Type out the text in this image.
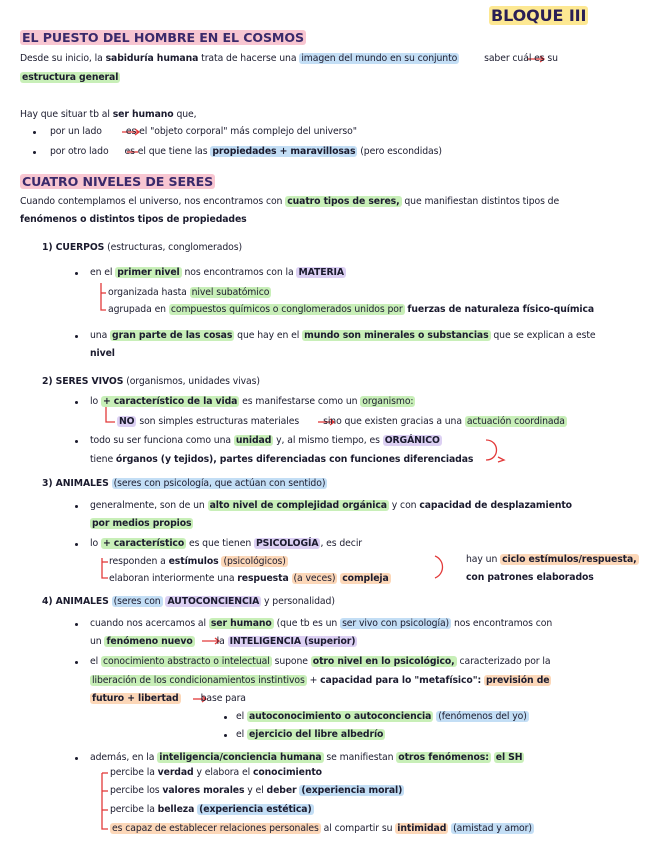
BLOQUE III
EL PUESTO DEL HOMBRE EN EL COSMOS
Desde su inicio, la sabiduría humana trata de hacerse una imagen del mundo en su conjunto	saber cuál es su
estructura general
Hay que situar tb al ser humano que,
por un lado	es el "objeto corporal" más complejo del universo"
por otro lado es el que tiene las propiedades + maravillosas (pero escondidas)
CUATRO NIVELES DE SERES
Cuando contemplamos el universo, nos encontramos con cuatro tipos de seres, que manifiestan distintos tipos de
fenómenos o distintos tipos de propiedades
1) CUERPOS (estructuras, conglomerados)
en el primer nivel nos encontramos con la MATERIA
organizada hasta nivel subatómico
agrupada en compuestos químicos o conglomerados unidos por fuerzas de naturaleza físico-química
una gran parte de las cosas que hay en el mundo son minerales o substancias que se explican a este
nivel
2) SERES VIVOS (organismos, unidades vivas)
lo + característico de la vida es manifestarse como un organismo:
NO son simples estructuras materiales	sino que existen gracias a una actuación coordinada
todo su ser funciona como una unidad y, al mismo tiempo, es ORGÁNICO
tiene órganos (y tejidos), partes diferenciadas con funciones diferenciadas
3) ANIMALES (seres con psicología, que actúan con sentido)
generalmente, son de un alto nivel de complejidad orgánica y con capacidad de desplazamiento
por medios propios
lo + característico es que tienen PSICOLOGÍA , es decir
responden a estímulos (psicológicos)
elaboran interiormente una respuesta (a veces) compleja
hay un ciclo estímulos/respuesta,
con patrones elaborados
4) ANIMALES (seres con AUTOCONCIENCIA y personalidad)
cuando nos acercamos al ser humano (que tb es un ser vivo con psicología) nos encontramos con
un fenómeno nuevo	la INTELIGENCIA (superior)
el conocimiento abstracto o intelectual supone otro nivel en lo psicológico, caracterizado por la
liberación de los condicionamientos instintivos + capacidad para lo "metafísico": previsión de
futuro + libertad base para
el autoconocimiento o autoconciencia (fenómenos del yo)
el ejercicio del libre albedrío
además, en la inteligencia/conciencia humana se manifiestan otros fenómenos: el SH
percibe la verdad y elabora el conocimiento
percibe los valores morales y el deber (experiencia moral)
percibe la belleza (experiencia estética)
es capaz de establecer relaciones personales al compartir su intimidad (amistad y amor)
